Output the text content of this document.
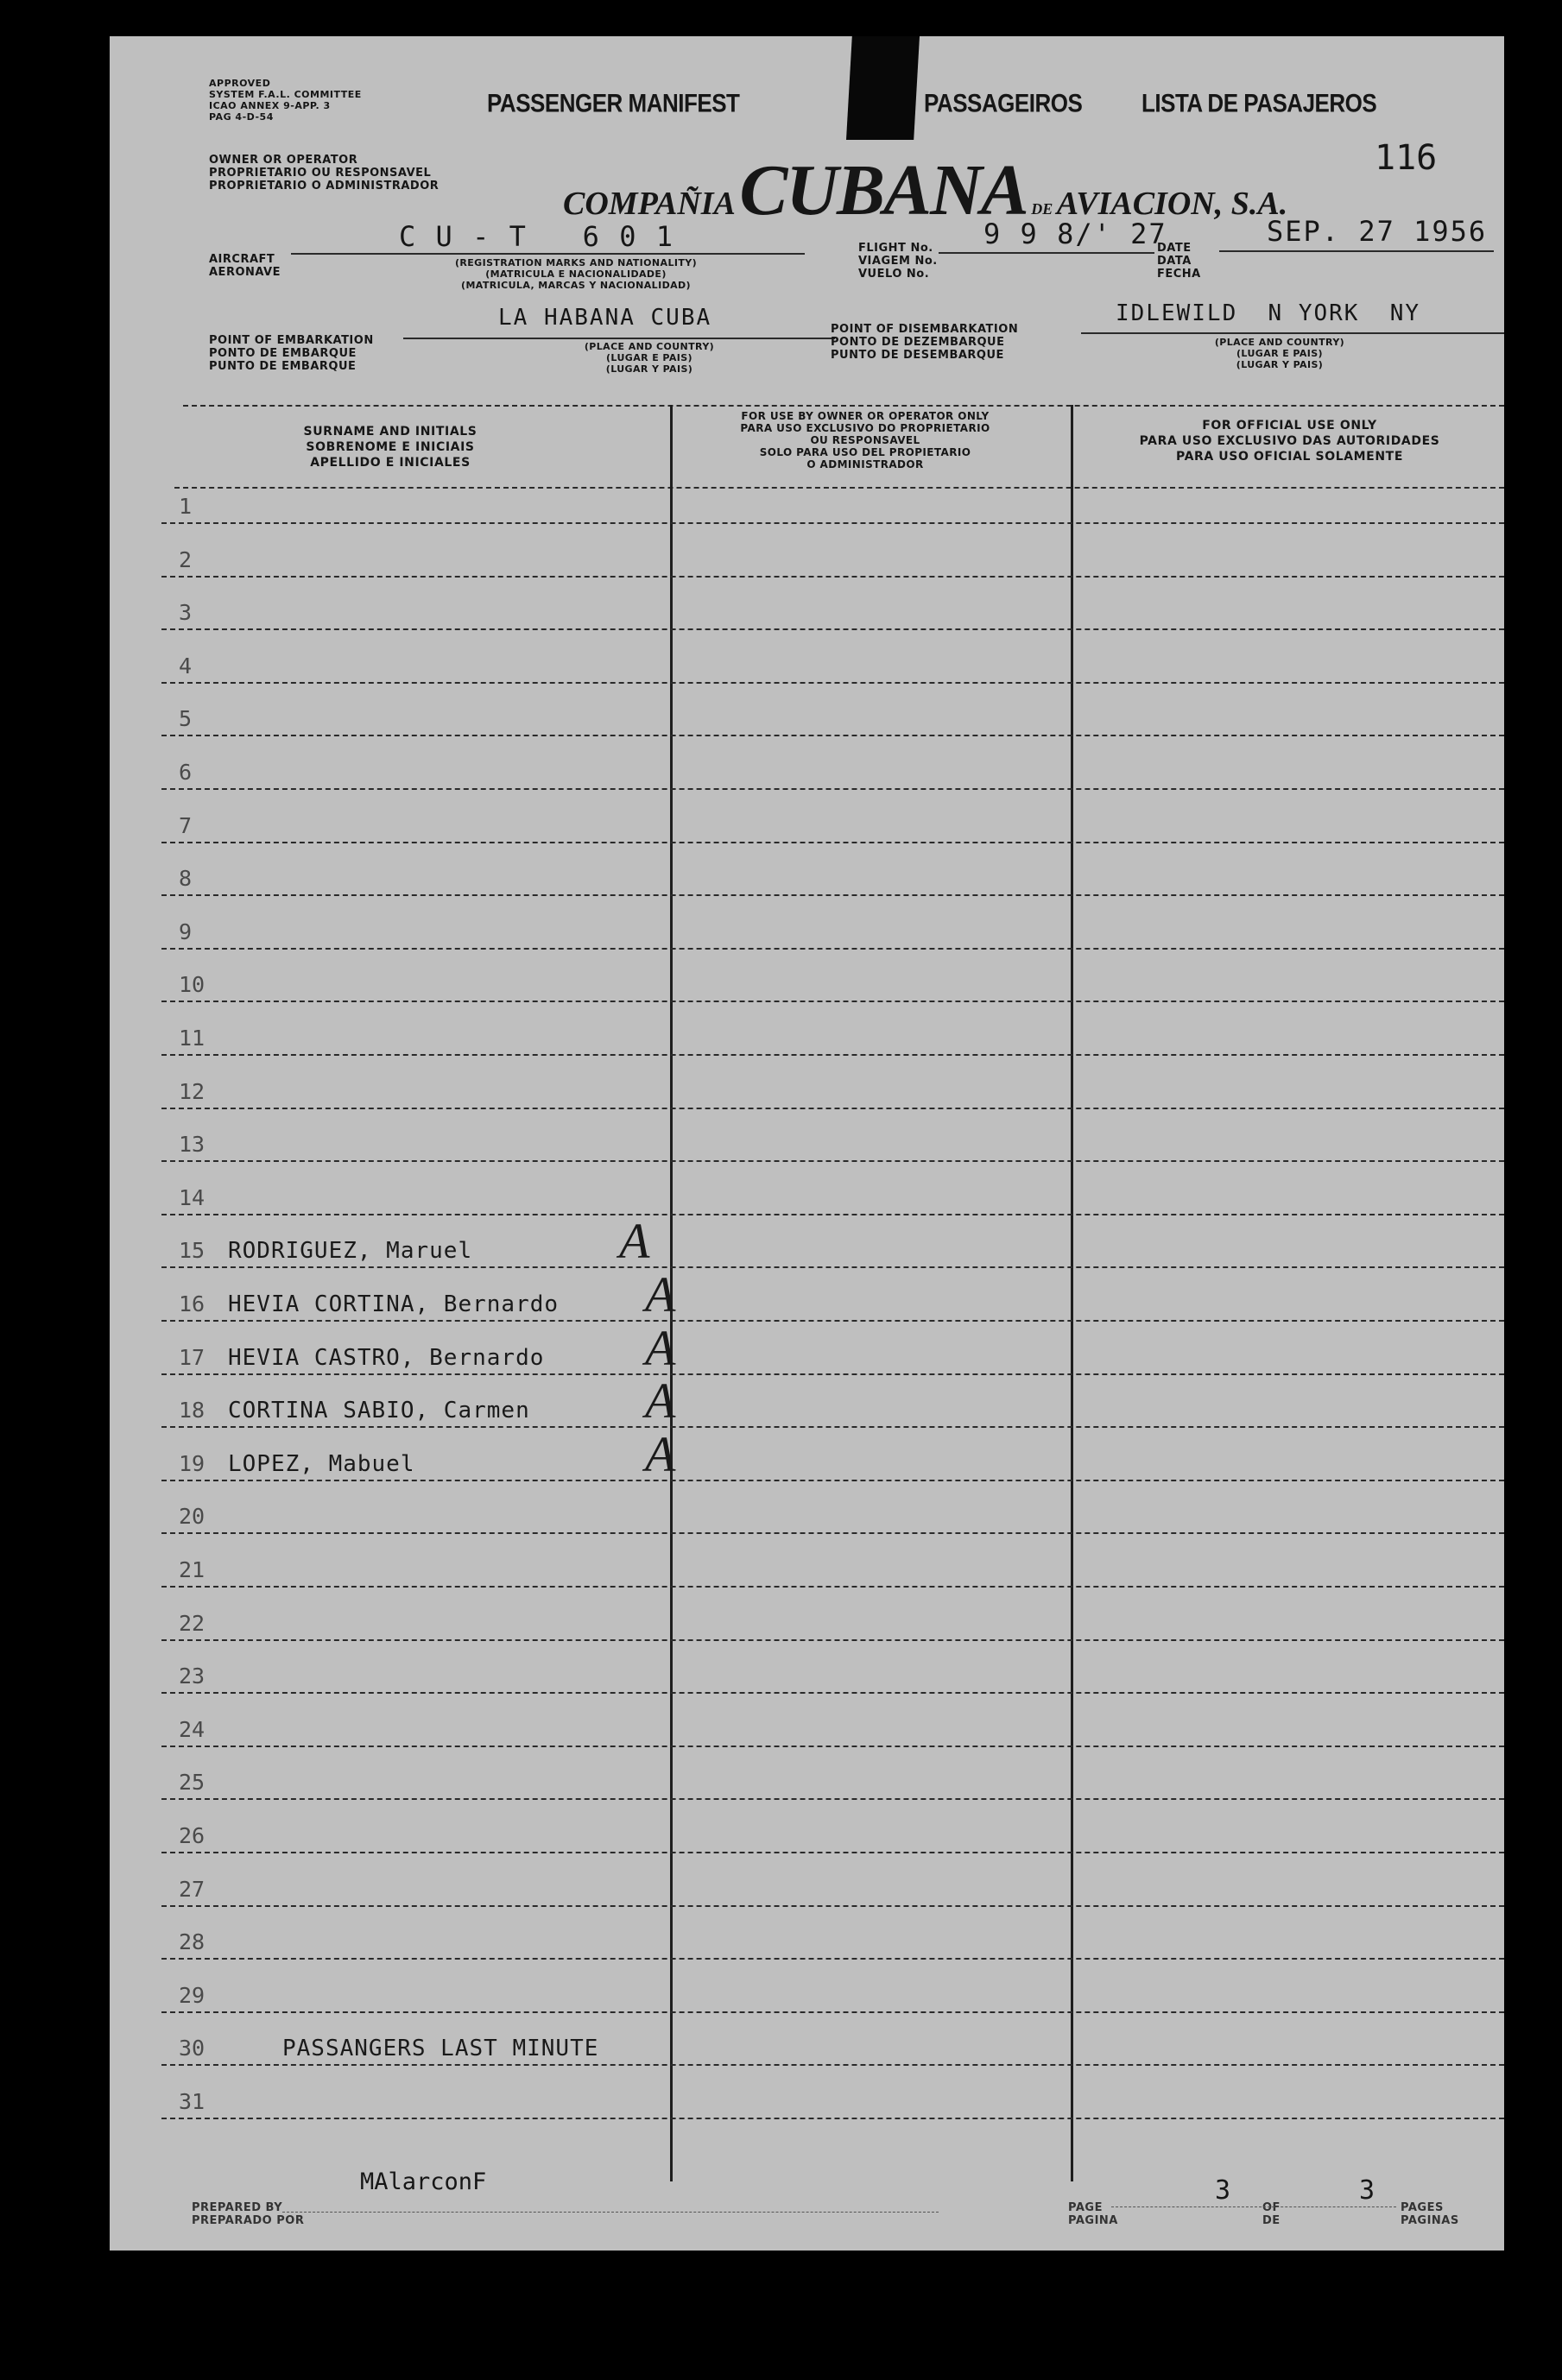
APPROVED
SYSTEM F.A.L. COMMITTEE
ICAO ANNEX 9-APP. 3
PAG 4-D-54	PASSENGER MANIFEST	PASSAGEIROS	LISTA DE PASAJEROS
OWNER OR OPERATOR
PROPRIETARIO OU RESPONSAVEL
PROPRIETARIO O ADMINISTRADOR	COMPAÑIA CUBANA DE AVIACION, S.A.
116
AIRCRAFT
AERONAVE
C U - T   6 0 1
(REGISTRATION MARKS AND NATIONALITY)
(MATRICULA E NACIONALIDADE)
(MATRICULA, MARCAS Y NACIONALIDAD)
FLIGHT No.
VIAGEM No.
VUELO No.
9 9 8/' 27
DATE
DATA
FECHA
SEP. 27 1956
POINT OF EMBARKATION
PONTO DE EMBARQUE
PUNTO DE EMBARQUE
LA HABANA CUBA
(PLACE AND COUNTRY)
(LUGAR E PAIS)
(LUGAR Y PAIS)
POINT OF DISEMBARKATION
PONTO DE DEZEMBARQUE
PUNTO DE DESEMBARQUE
IDLEWILD  N YORK  NY
(PLACE AND COUNTRY)
(LUGAR E PAIS)
(LUGAR Y PAIS)
SURNAME AND INITIALS
SOBRENOME E INICIAIS
APELLIDO E INICIALES
FOR USE BY OWNER OR OPERATOR ONLY
PARA USO EXCLUSIVO DO PROPRIETARIO
OU RESPONSAVEL
SOLO PARA USO DEL PROPIETARIO
O ADMINISTRADOR
FOR OFFICIAL USE ONLY
PARA USO EXCLUSIVO DAS AUTORIDADES
PARA USO OFICIAL SOLAMENTE
1
2
3
4
5
6
7
8
9
10
11
12
13
14
15 RODRIGUEZ, Maruel	A
16 HEVIA CORTINA, Bernardo A
17 HEVIA CASTRO, Bernardo A
18 CORTINA SABIO, Carmen A
19 LOPEZ, Mabuel	A
20
21
22
23
24
25
26
27
28
29
30	PASSANGERS LAST MINUTE
31
PREPARED BY
PREPARADO POR
MAlarconF
PAGE
PAGINA
3
OF
DE
3
PAGES
PAGINAS
